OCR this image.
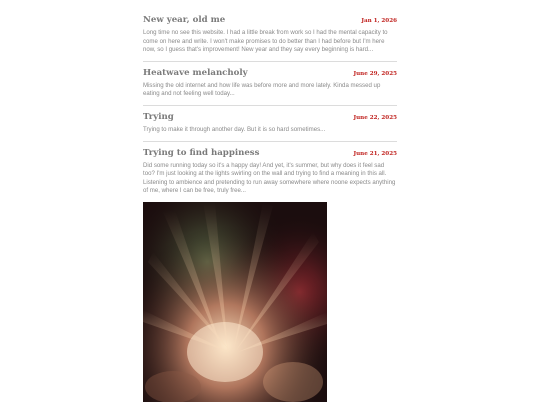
New year, old me	Jan 1, 2026
Long time no see this website. I had a little break from work so I had the mental capacity to come on here and write. I won't make promises to do better than I had before but I'm here now, so I guess that's improvement! New year and they say every beginning is hard...
Heatwave melancholy	June 29, 2025
Missing the old internet and how life was before more and more lately. Kinda messed up eating and not feeling well today...
Trying	June 22, 2025
Trying to make it through another day. But it is so hard sometimes...
Trying to find happiness	June 21, 2025
Did some running today so it's a happy day! And yet, it's summer, but why does it feel sad too? I'm just looking at the lights swirling on the wall and trying to find a meaning in this all. Listening to ambience and pretending to run away somewhere where noone expects anything of me, where I can be free, truly free...
